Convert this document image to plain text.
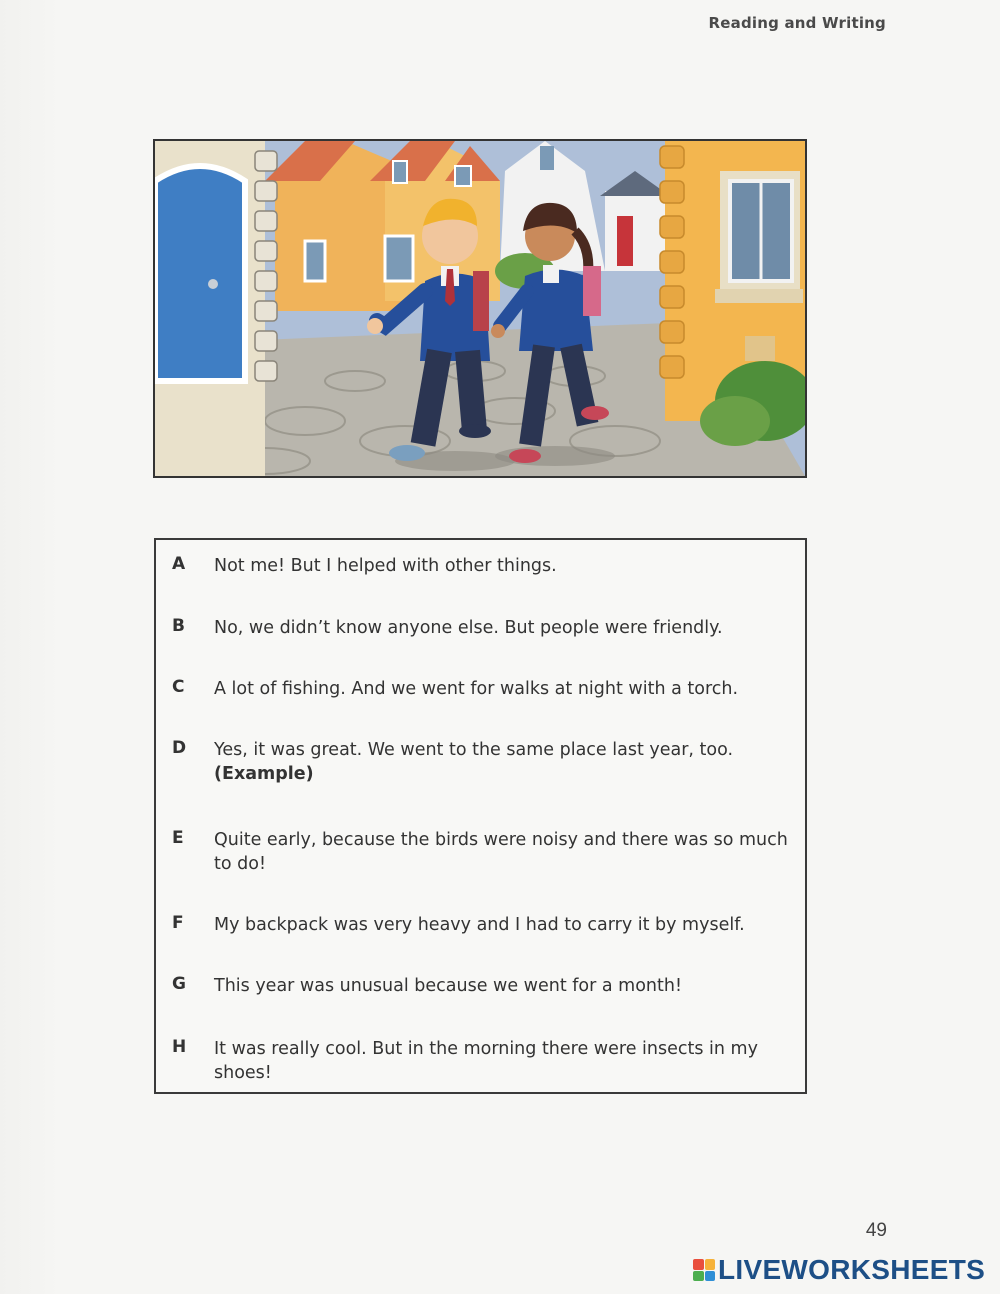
Reading and Writing
A Not me! But I helped with other things.
B No, we didn’t know anyone else. But people were friendly.
C A lot of fishing. And we went for walks at night with a torch.
D Yes, it was great. We went to the same place last year, too.
(Example)
E Quite early, because the birds were noisy and there was so much to do!
F My backpack was very heavy and I had to carry it by myself.
G This year was unusual because we went for a month!
H It was really cool. But in the morning there were insects in my shoes!
49
LIVEWORKSHEETS
